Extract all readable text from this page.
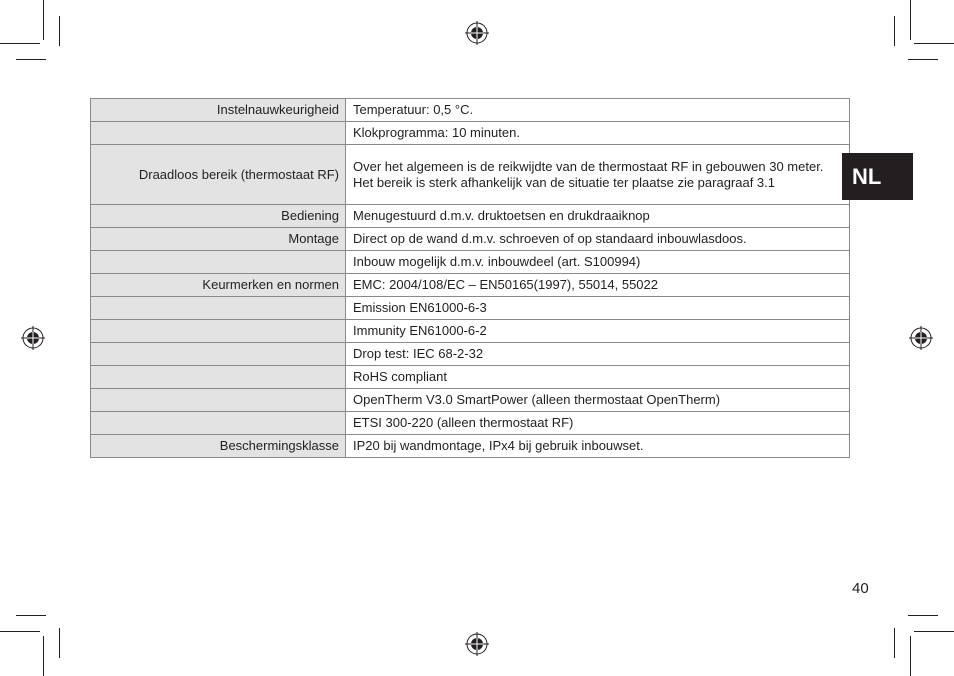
Instelnauwkeurigheid	Temperatuur: 0,5 °C.

	Klokprogramma: 10 minuten.

Draadloos bereik (thermostaat RF)	Over het algemeen is de reikwijdte van de thermostaat RF in gebouwen 30 meter.
Het bereik is sterk afhankelijk van de situatie ter plaatse zie paragraaf 3.1

Bediening	Menugestuurd d.m.v. druktoetsen en drukdraaiknop

Montage	Direct op de wand d.m.v. schroeven of op standaard inbouwlasdoos.

	Inbouw mogelijk d.m.v. inbouwdeel (art. S100994)

Keurmerken en normen	EMC: 2004/108/EC – EN50165(1997), 55014, 55022

	Emission EN61000-6-3

	Immunity EN61000-6-2

	Drop test: IEC 68-2-32

	RoHS compliant

	OpenTherm V3.0 SmartPower (alleen thermostaat OpenTherm)

	ETSI 300-220 (alleen thermostaat RF)

Beschermingsklasse	IP20 bij wandmontage, IPx4 bij gebruik inbouwset.
NL
40
